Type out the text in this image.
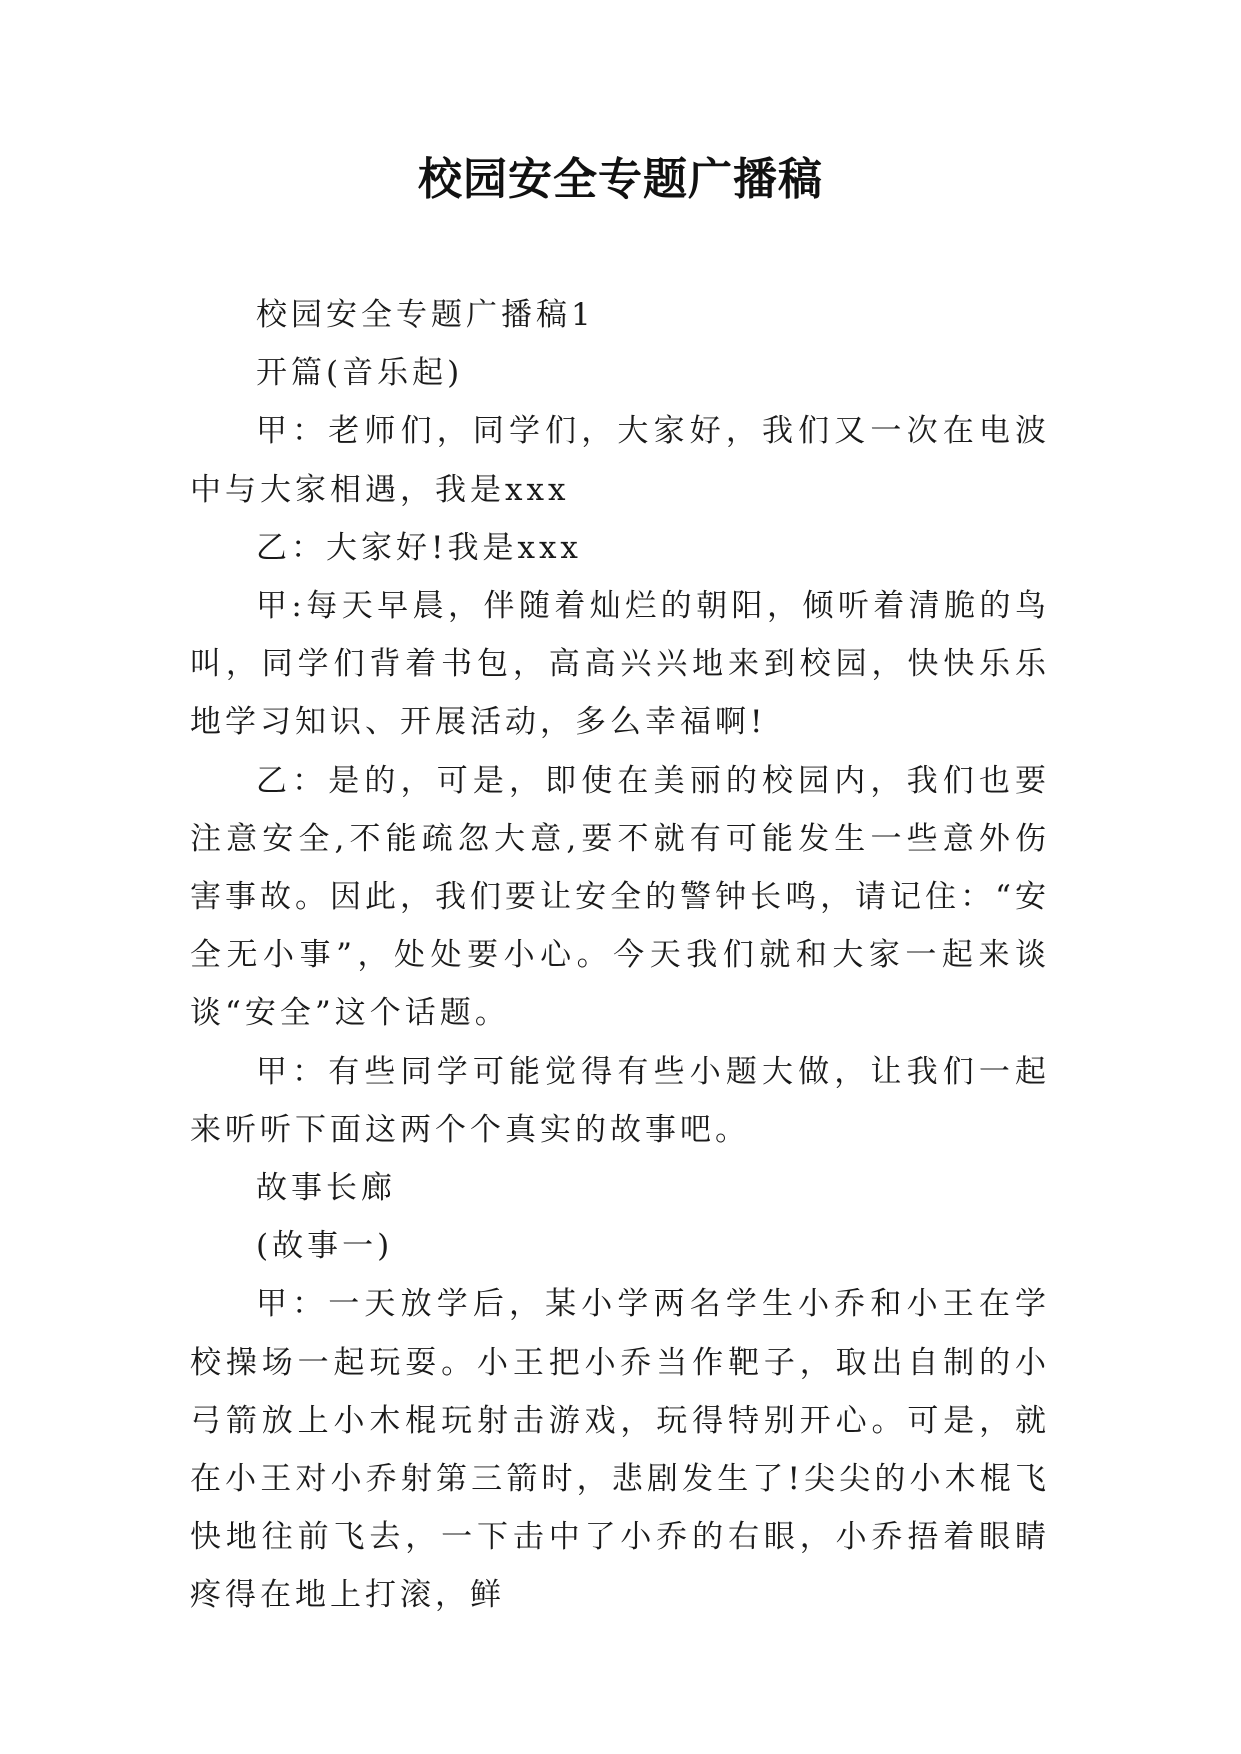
校园安全专题广播稿

校园安全专题广播稿1

开篇(音乐起)

甲：老师们，同学们，大家好，我们又一次在电波中与大家相遇，我是xxx

乙：大家好!我是xxx

甲:每天早晨，伴随着灿烂的朝阳，倾听着清脆的鸟叫，同学们背着书包，高高兴兴地来到校园，快快乐乐地学习知识、开展活动，多么幸福啊!

乙：是的，可是，即使在美丽的校园内，我们也要注意安全,不能疏忽大意,要不就有可能发生一些意外伤害事故。因此，我们要让安全的警钟长鸣，请记住：“安全无小事”，处处要小心。今天我们就和大家一起来谈谈“安全”这个话题。

甲：有些同学可能觉得有些小题大做，让我们一起来听听下面这两个个真实的故事吧。

故事长廊

(故事一)

甲：一天放学后，某小学两名学生小乔和小王在学校操场一起玩耍。小王把小乔当作靶子，取出自制的小弓箭放上小木棍玩射击游戏，玩得特别开心。可是，就在小王对小乔射第三箭时，悲剧发生了!尖尖的小木棍飞快地往前飞去，一下击中了小乔的右眼，小乔捂着眼睛疼得在地上打滚，鲜
